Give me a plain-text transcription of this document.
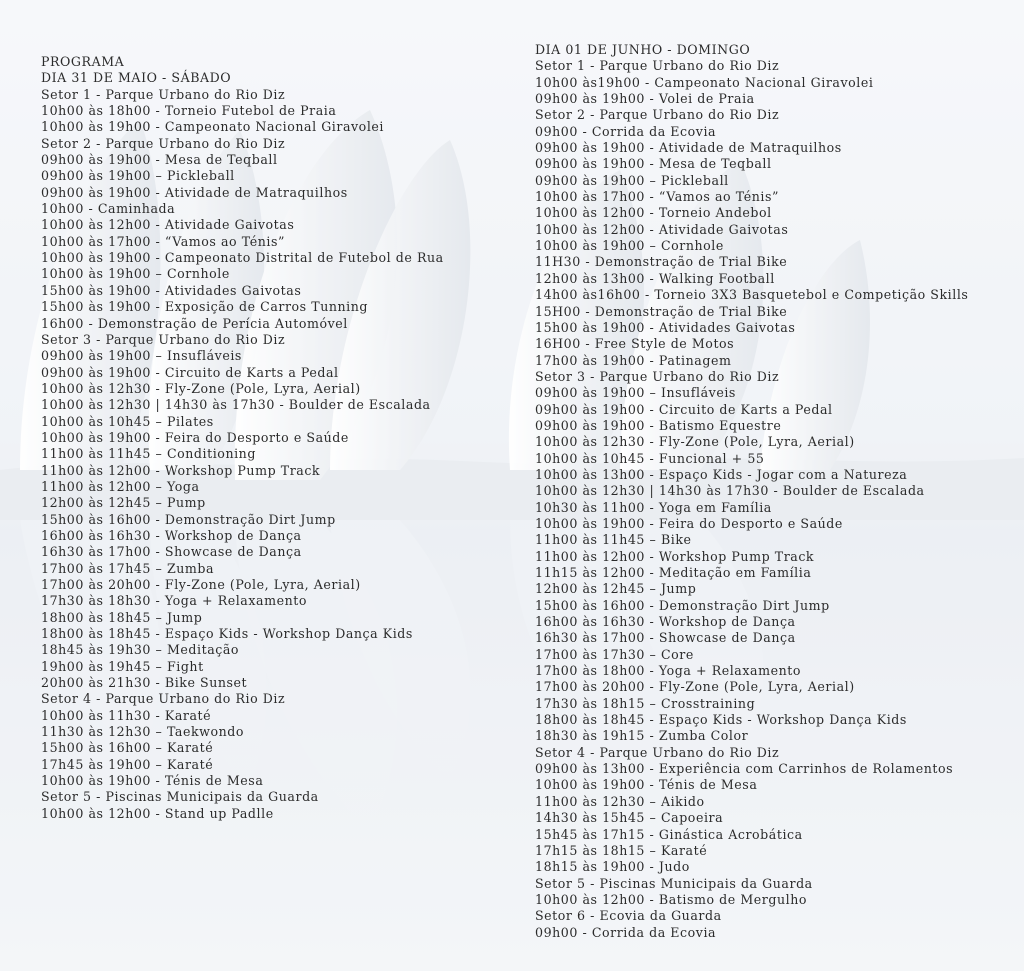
PROGRAMA
DIA 31 DE MAIO - SÁBADO
Setor 1 - Parque Urbano do Rio Diz
10h00 às 18h00 - Torneio Futebol de Praia
10h00 às 19h00 - Campeonato Nacional Giravolei
Setor 2 - Parque Urbano do Rio Diz
09h00 às 19h00 - Mesa de Teqball
09h00 às 19h00 – Pickleball
09h00 às 19h00 - Atividade de Matraquilhos
10h00 - Caminhada
10h00 às 12h00 - Atividade Gaivotas
10h00 às 17h00 - “Vamos ao Ténis”
10h00 às 19h00 - Campeonato Distrital de Futebol de Rua
10h00 às 19h00 – Cornhole
15h00 às 19h00 - Atividades Gaivotas
15h00 às 19h00 - Exposição de Carros Tunning
16h00 - Demonstração de Perícia Automóvel
Setor 3 - Parque Urbano do Rio Diz
09h00 às 19h00 – Insufláveis
09h00 às 19h00 - Circuito de Karts a Pedal
10h00 às 12h30 - Fly-Zone (Pole, Lyra, Aerial)
10h00 às 12h30 | 14h30 às 17h30 - Boulder de Escalada
10h00 às 10h45 – Pilates
10h00 às 19h00 - Feira do Desporto e Saúde
11h00 às 11h45 – Conditioning
11h00 às 12h00 - Workshop Pump Track
11h00 às 12h00 – Yoga
12h00 às 12h45 – Pump
15h00 às 16h00 - Demonstração Dirt Jump
16h00 às 16h30 - Workshop de Dança
16h30 às 17h00 - Showcase de Dança
17h00 às 17h45 – Zumba
17h00 às 20h00 - Fly-Zone (Pole, Lyra, Aerial)
17h30 às 18h30 - Yoga + Relaxamento
18h00 às 18h45 – Jump
18h00 às 18h45 - Espaço Kids - Workshop Dança Kids
18h45 às 19h30 – Meditação
19h00 às 19h45 – Fight
20h00 às 21h30 - Bike Sunset
Setor 4 - Parque Urbano do Rio Diz
10h00 às 11h30 - Karaté
11h30 às 12h30 – Taekwondo
15h00 às 16h00 – Karaté
17h45 às 19h00 – Karaté
10h00 às 19h00 - Ténis de Mesa
Setor 5 - Piscinas Municipais da Guarda
10h00 às 12h00 - Stand up Padlle
DIA 01 DE JUNHO - DOMINGO
Setor 1 - Parque Urbano do Rio Diz
10h00 às19h00 - Campeonato Nacional Giravolei
09h00 às 19h00 - Volei de Praia
Setor 2 - Parque Urbano do Rio Diz
09h00 - Corrida da Ecovia
09h00 às 19h00 - Atividade de Matraquilhos
09h00 às 19h00 - Mesa de Teqball
09h00 às 19h00 – Pickleball
10h00 às 17h00 - “Vamos ao Ténis”
10h00 às 12h00 - Torneio Andebol
10h00 às 12h00 - Atividade Gaivotas
10h00 às 19h00 – Cornhole
11H30 - Demonstração de Trial Bike
12h00 às 13h00 - Walking Football
14h00 às16h00 - Torneio 3X3 Basquetebol e Competição Skills
15H00 - Demonstração de Trial Bike
15h00 às 19h00 - Atividades Gaivotas
16H00 - Free Style de Motos
17h00 às 19h00 - Patinagem
Setor 3 - Parque Urbano do Rio Diz
09h00 às 19h00 – Insufláveis
09h00 às 19h00 - Circuito de Karts a Pedal
09h00 às 19h00 - Batismo Equestre
10h00 às 12h30 - Fly-Zone (Pole, Lyra, Aerial)
10h00 às 10h45 - Funcional + 55
10h00 às 13h00 - Espaço Kids - Jogar com a Natureza
10h00 às 12h30 | 14h30 às 17h30 - Boulder de Escalada
10h30 às 11h00 - Yoga em Família
10h00 às 19h00 - Feira do Desporto e Saúde
11h00 às 11h45 – Bike
11h00 às 12h00 - Workshop Pump Track
11h15 às 12h00 - Meditação em Família
12h00 às 12h45 – Jump
15h00 às 16h00 - Demonstração Dirt Jump
16h00 às 16h30 - Workshop de Dança
16h30 às 17h00 - Showcase de Dança
17h00 às 17h30 – Core
17h00 às 18h00 - Yoga + Relaxamento
17h00 às 20h00 - Fly-Zone (Pole, Lyra, Aerial)
17h30 às 18h15 – Crosstraining
18h00 às 18h45 - Espaço Kids - Workshop Dança Kids
18h30 às 19h15 - Zumba Color
Setor 4 - Parque Urbano do Rio Diz
09h00 às 13h00 - Experiência com Carrinhos de Rolamentos
10h00 às 19h00 - Ténis de Mesa
11h00 às 12h30 – Aikido
14h30 às 15h45 – Capoeira
15h45 às 17h15 - Ginástica Acrobática
17h15 às 18h15 – Karaté
18h15 às 19h00 - Judo
Setor 5 - Piscinas Municipais da Guarda
10h00 às 12h00 - Batismo de Mergulho
Setor 6 - Ecovia da Guarda
09h00 - Corrida da Ecovia
